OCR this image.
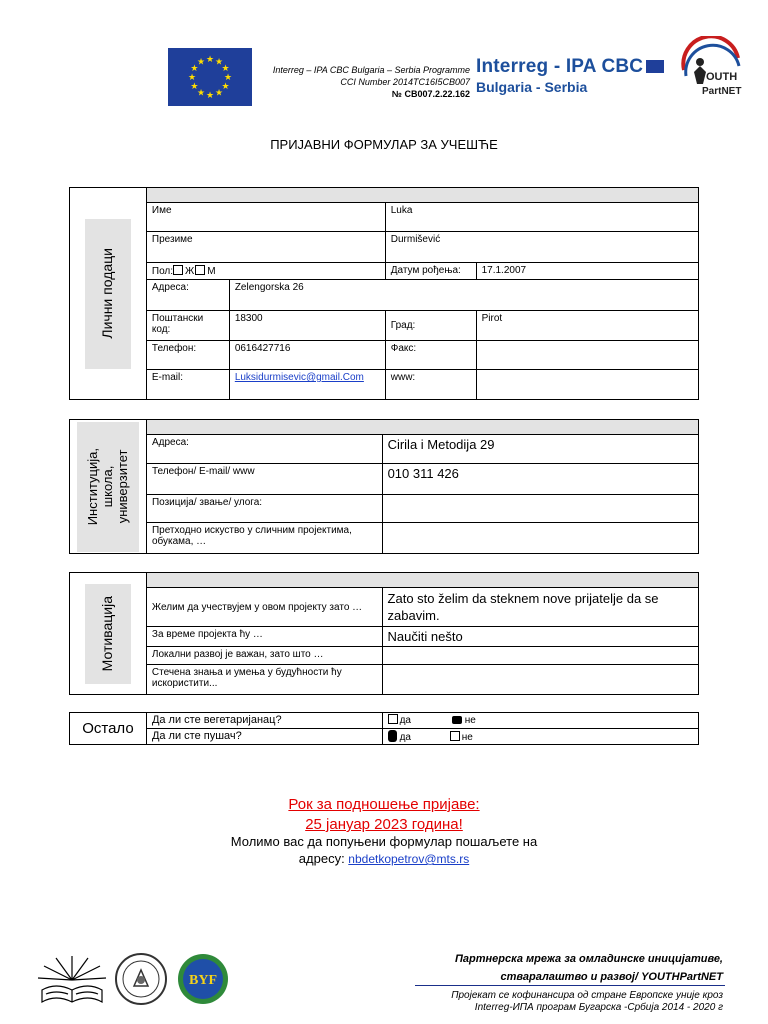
★
★
★
★
★
★
★
★
★ ★ ★
★	Interreg – IPA CBC Bulgaria – Serbia Programme
CCI Number 2014TC16I5CB007
№ CB007.2.22.162
Interreg - IPA CBC
Bulgaria - Serbia
OUTH
PartNET
ПРИЈАВНИ ФОРМУЛАР ЗА УЧЕШЋЕ
Лични подаци				

	Име		Luka	
	Презиме		Durmišević	
	Пол: Ж М		Датум рођења:	17.1.2007
	Адреса:	Zelengorska 26		
	Поштански код:	18300	Град:	Pirot
	Телефон:	0616427716	Факс:	
	E-mail:	Luksidurmisevic@gmail.Com	www:	
Институција,
школа,
универзитет		

	Адреса:	Cirila i Metodija 29
	Телефон/ E-mail/ www	010 311 426
	Позиција/ звање/ улога:	
	Претходно искуство у сличним пројектима, обукама, …	
Мотивација		

	Желим да учествујем у овом пројекту зато …	Zato sto želim da steknem nove prijatelje da se zabavim.
	За време пројекта ћу …	Naučiti nešto
	Локални развој је важан, зато што …	
	Стечена знања и умења у будућности ћу искористити...	
Остало	Да ли сте вегетаријанац?	да не
	Да ли сте пушач?	да не
Рок за подношење пријаве:
25 јануар 2023 година!
Молимо вас да попуњени формулар пошаљете на
адресу: nbdetkopetrov@mts.rs
BYF
Партнерска мрежа за омладинске иницијативе,
стваралаштво и развој/ YOUTHPartNET
Пројекат се кофинансира од стране Европске уније кроз
Interreg-ИПА програм Бугарска -Србија 2014 - 2020 г
